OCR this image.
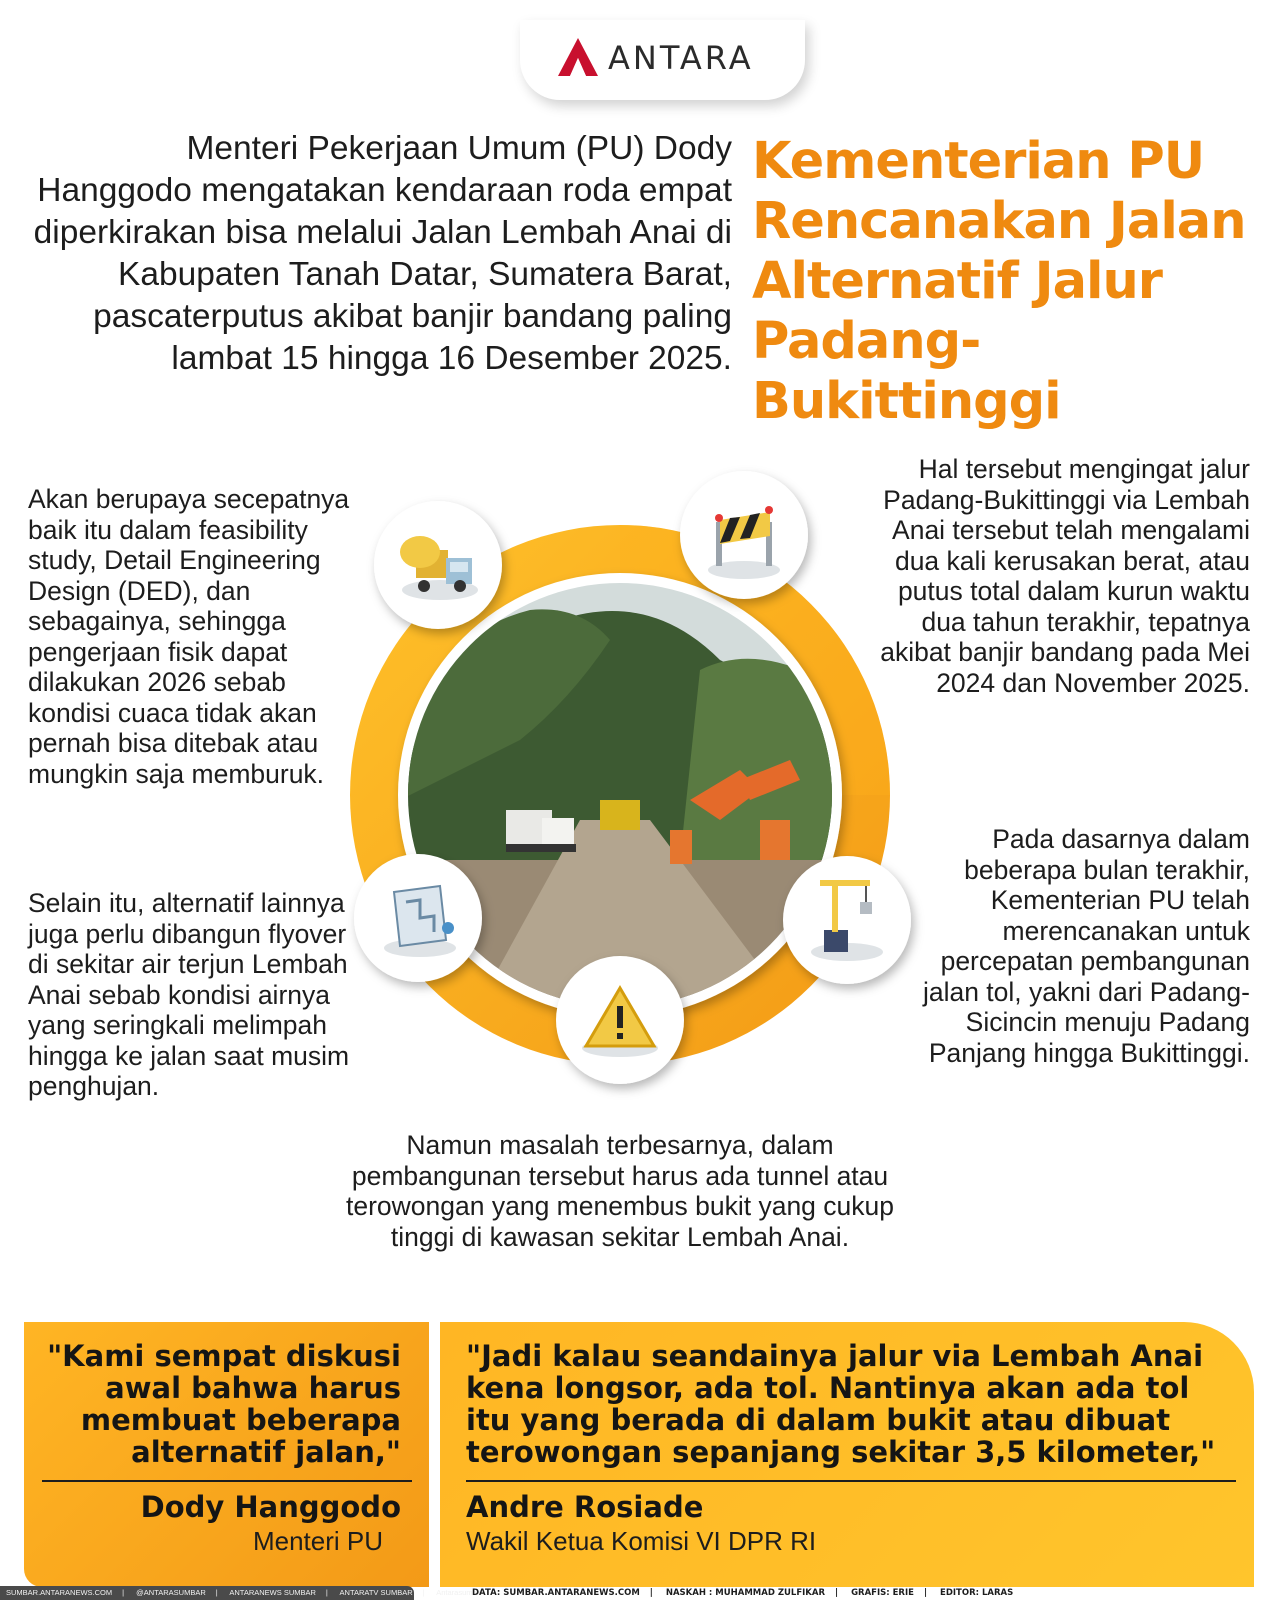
ANTARA
Menteri Pekerjaan Umum (PU) Dody Hanggodo mengatakan kendaraan roda empat diperkirakan bisa melalui Jalan Lembah Anai di Kabupaten Tanah Datar, Sumatera Barat, pascaterputus akibat banjir bandang paling lambat 15 hingga 16 Desember 2025.
Kementerian PU Rencanakan Jalan Alternatif Jalur Padang-Bukittinggi
Akan berupaya secepatnya baik itu dalam feasibility study, Detail Engineering Design (DED), dan sebagainya, sehingga pengerjaan fisik dapat dilakukan 2026 sebab kondisi cuaca tidak akan pernah bisa ditebak atau mungkin saja memburuk.
Selain itu, alternatif lainnya juga perlu dibangun flyover di sekitar air terjun Lembah Anai sebab kondisi airnya yang seringkali melimpah hingga ke jalan saat musim penghujan.
Hal tersebut mengingat jalur Padang-Bukittinggi via Lembah Anai tersebut telah mengalami dua kali kerusakan berat, atau putus total dalam kurun waktu dua tahun terakhir, tepatnya akibat banjir bandang pada Mei 2024 dan November 2025.
Pada dasarnya dalam beberapa bulan terakhir, Kementerian PU telah merencanakan untuk percepatan pembangunan jalan tol, yakni dari Padang-Sicincin menuju Padang Panjang hingga Bukittinggi.
Namun masalah terbesarnya, dalam pembangunan tersebut harus ada tunnel atau terowongan yang menembus bukit yang cukup tinggi di kawasan sekitar Lembah Anai.
"Kami sempat diskusi awal bahwa harus membuat beberapa alternatif jalan,"
Dody Hanggodo
Menteri PU
"Jadi kalau seandainya jalur via Lembah Anai kena longsor, ada tol. Nantinya akan ada tol itu yang berada di dalam bukit atau dibuat terowongan sepanjang sekitar 3,5 kilometer,"
Andre Rosiade
Wakil Ketua Komisi VI DPR RI
SUMBAR.ANTARANEWS.COM | @ANTARASUMBAR | ANTARANEWS SUMBAR | ANTARATV SUMBAR | Antarasumbar
DATA: SUMBAR.ANTARANEWS.COM | NASKAH : MUHAMMAD ZULFIKAR | GRAFIS: ERIE | EDITOR: LARAS
